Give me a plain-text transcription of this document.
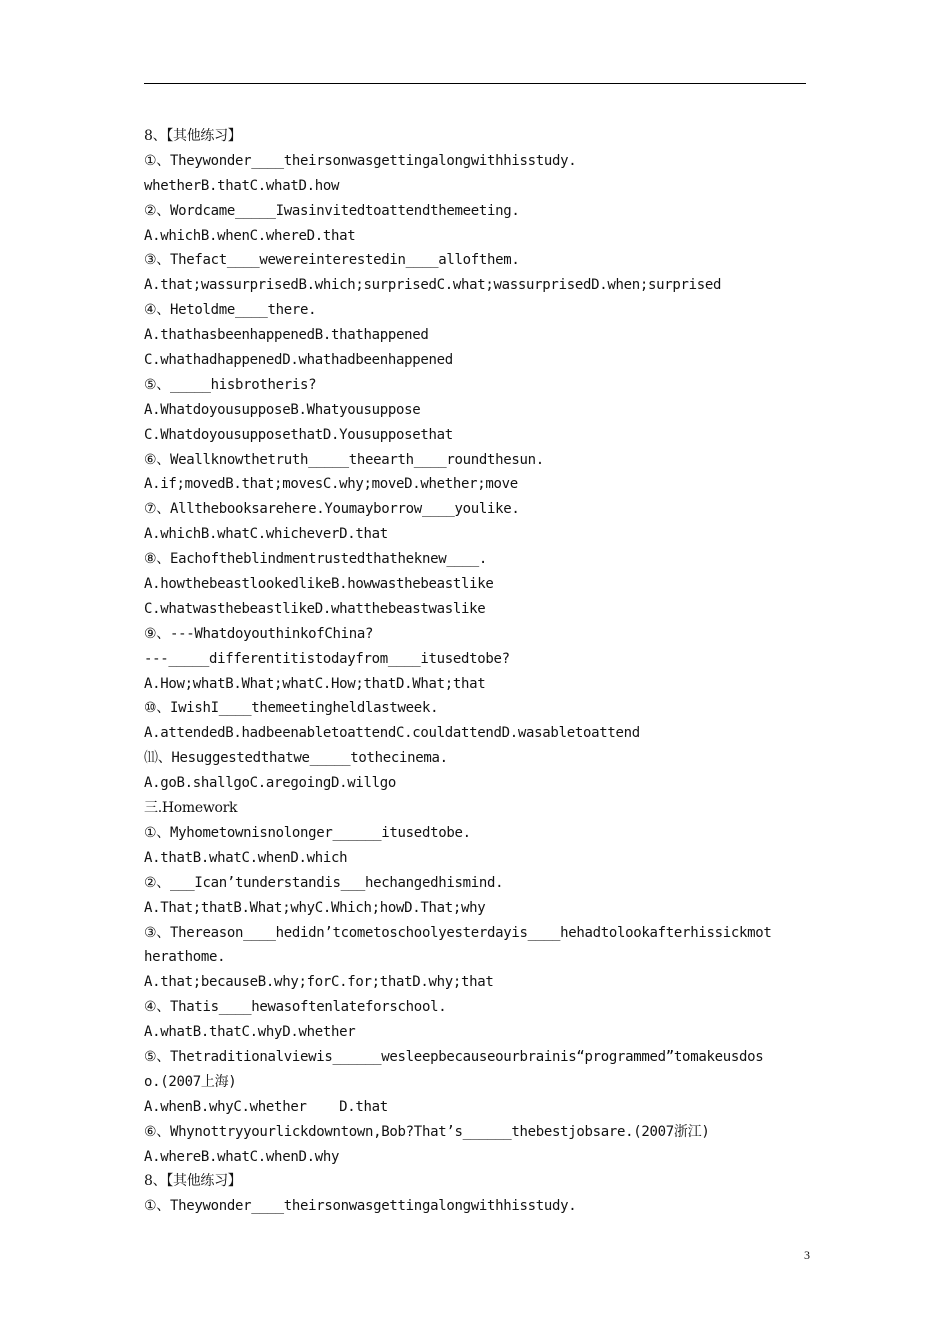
8、【其他练习】
①、Theywonder____theirsonwasgettingalongwithhisstudy.
whetherB.thatC.whatD.how
②、Wordcame_____Iwasinvitedtoattendthemeeting.
A.whichB.whenC.whereD.that
③、Thefact____wewereinterestedin____allofthem.
A.that;wassurprisedB.which;surprisedC.what;wassurprisedD.when;surprised
④、Hetoldme____there.
A.thathasbeenhappenedB.thathappened
C.whathadhappenedD.whathadbeenhappened
⑤、_____hisbrotheris?
A.WhatdoyousupposeB.Whatyousuppose
C.WhatdoyousupposethatD.Yousupposethat
⑥、Weallknowthetruth_____theearth____roundthesun.
A.if;movedB.that;movesC.why;moveD.whether;move
⑦、Allthebooksarehere.Youmayborrow____youlike.
A.whichB.whatC.whicheverD.that
⑧、Eachoftheblindmentrustedthatheknew____.
A.howthebeastlookedlikeB.howwasthebeastlike
C.whatwasthebeastlikeD.whatthebeastwaslike
⑨、---WhatdoyouthinkofChina?
---_____differentitistodayfrom____itusedtobe?
A.How;whatB.What;whatC.How;thatD.What;that
⑩、IwishI____themeetingheldlastweek.
A.attendedB.hadbeenabletoattendC.couldattendD.wasabletoattend
⑾、Hesuggestedthatwe_____tothecinema.
A.goB.shallgoC.aregoingD.willgo
三.Homework
①、Myhometownisnolonger______itusedtobe.
A.thatB.whatC.whenD.which
②、___Ican’tunderstandis___hechangedhismind.
A.That;thatB.What;whyC.Which;howD.That;why
③、Thereason____hedidn’tcometoschoolyesterdayis____hehadtolookafterhissickmot
herathome.
A.that;becauseB.why;forC.for;thatD.why;that
④、Thatis____hewasoftenlateforschool.
A.whatB.thatC.whyD.whether
⑤、Thetraditionalviewis______wesleepbecauseourbrainis“programmed”tomakeusdos
o.(2007上海)
A.whenB.whyC.whether    D.that
⑥、Whynottryyourlickdowntown,Bob?That’s______thebestjobsare.(2007浙江)
A.whereB.whatC.whenD.why
8、【其他练习】
①、Theywonder____theirsonwasgettingalongwithhisstudy.
3
